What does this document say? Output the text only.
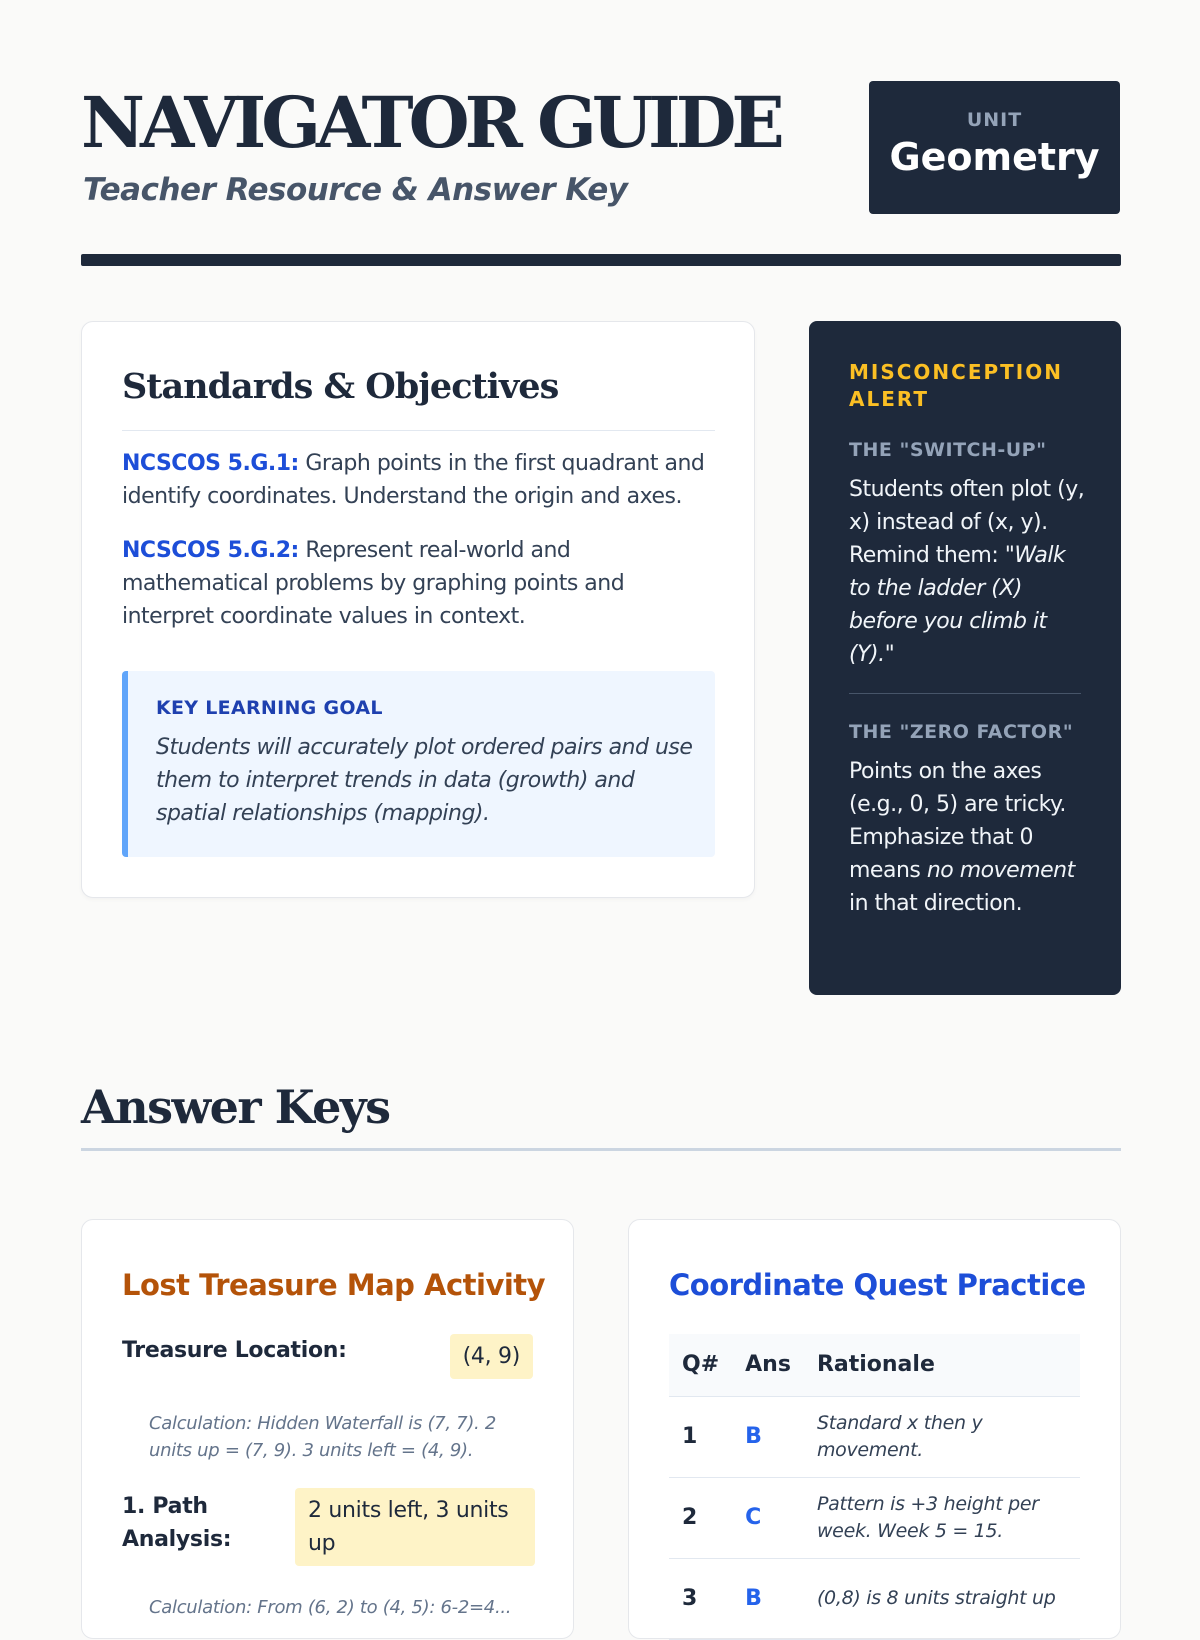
NAVIGATOR GUIDE
Teacher Resource & Answer Key
UNIT
Geometry
Standards & Objectives

NCSCOS 5.G.1: Graph points in the first quadrant and identify coordinates. Understand the origin and axes.

NCSCOS 5.G.2: Represent real-world and mathematical problems by graphing points and interpret coordinate values in context.

KEY LEARNING GOAL
Students will accurately plot ordered pairs and use them to interpret trends in data (growth) and spatial relationships (mapping).
MISCONCEPTION ALERT
THE "SWITCH-UP"
Students often plot (y, x) instead of (x, y). Remind them: "Walk to the ladder (X) before you climb it (Y)."
THE "ZERO FACTOR"
Points on the axes (e.g., 0, 5) are tricky. Emphasize that 0 means no movement in that direction.
Answer Keys
Lost Treasure Map Activity
Treasure Location:	(4, 9)
Calculation: Hidden Waterfall is (7, 7). 2 units up = (7, 9). 3 units left = (4, 9).
1. Path Analysis:
2 units left, 3 units up
Calculation: From (6, 2) to (4, 5): 6-2=4...
Coordinate Quest Practice
Q#	Ans	Rationale
1	B	Standard x then y movement.
2	C	Pattern is +3 height per week. Week 5 = 15.
3	B	(0,8) is 8 units straight up
